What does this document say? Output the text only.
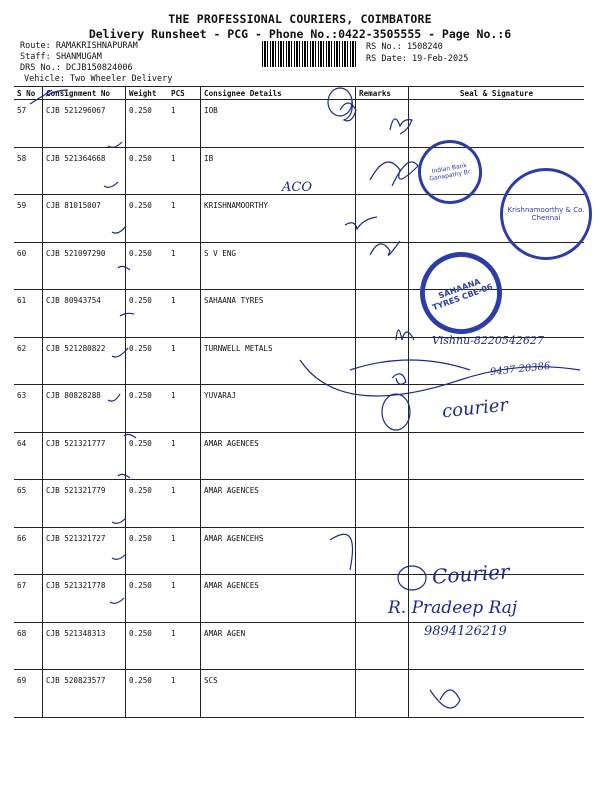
THE PROFESSIONAL COURIERS, COIMBATORE
Delivery Runsheet - PCG - Phone No.:0422-3505555 - Page No.:6
Route: RAMAKRISHNAPURAM
Staff: SHANMUGAM
DRS No.: DCJB150824006
Vehicle: Two Wheeler Delivery
RS No.: 1508240
RS Date: 19-Feb-2025
S No	Consignment No	Weight	PCS	Consignee Details	Remarks	Seal & Signature
57	CJB 521296067	0.250	1	IOB		
58	CJB 521364668	0.250	1	IB		
59	CJB 81015007	0.250	1	KRISHNAMOORTHY		
60	CJB 521097290	0.250	1	S V ENG		
61	CJB 80943754	0.250	1	SAHAANA TYRES		
62	CJB 521280822	0.250	1	TURNWELL METALS		
63	CJB 80828288	0.250	1	YUVARAJ		
64	CJB 521321777	0.250	1	AMAR AGENCES		
65	CJB 521321779	0.250	1	AMAR AGENCES		
66	CJB 521321727	0.250	1	AMAR AGENCEHS		
67	CJB 521321778	0.250	1	AMAR AGENCES		
68	CJB 521348313	0.250	1	AMAR AGEN		
69	CJB 520823577	0.250	1	SCS		
Indian Bank Ganapathy Br.
Krishnamoorthy & Co. Chennai
SAHAANA TYRES CBE-06
ACO
Vishnu-8220542627
9437 20386
courier
Courier
R. Pradeep Raj
9894126219
